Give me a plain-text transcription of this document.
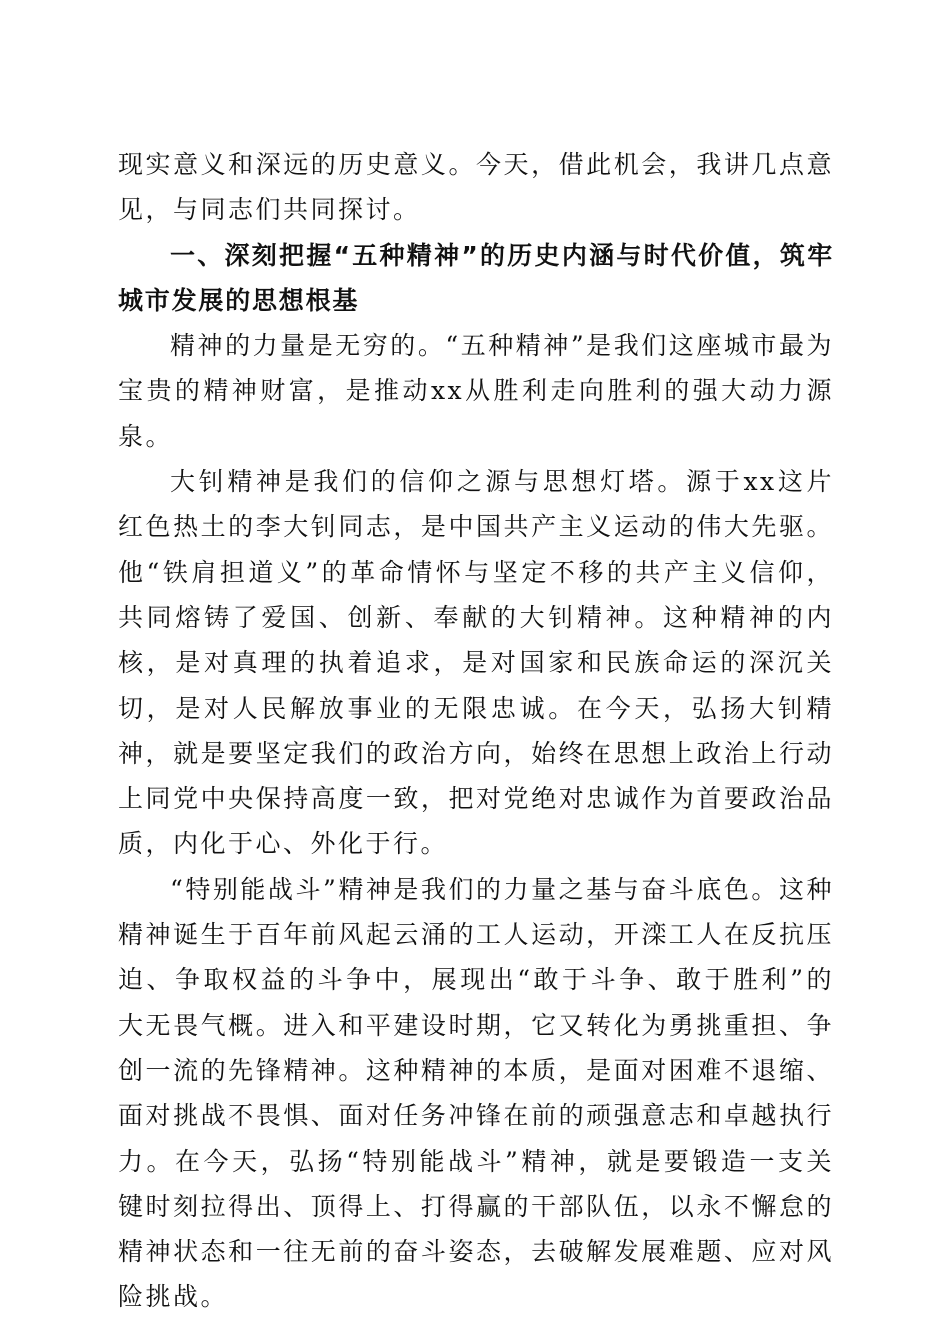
现实意义和深远的历史意义。今天，借此机会，我讲几点意见，与同志们共同探讨。

一、深刻把握“五种精神”的历史内涵与时代价值，筑牢城市发展的思想根基

精神的力量是无穷的。“五种精神”是我们这座城市最为宝贵的精神财富，是推动xx从胜利走向胜利的强大动力源泉。

大钊精神是我们的信仰之源与思想灯塔。源于xx这片红色热土的李大钊同志，是中国共产主义运动的伟大先驱。他“铁肩担道义”的革命情怀与坚定不移的共产主义信仰，共同熔铸了爱国、创新、奉献的大钊精神。这种精神的内核，是对真理的执着追求，是对国家和民族命运的深沉关切，是对人民解放事业的无限忠诚。在今天，弘扬大钊精神，就是要坚定我们的政治方向，始终在思想上政治上行动上同党中央保持高度一致，把对党绝对忠诚作为首要政治品质，内化于心、外化于行。

“特别能战斗”精神是我们的力量之基与奋斗底色。这种精神诞生于百年前风起云涌的工人运动，开滦工人在反抗压迫、争取权益的斗争中，展现出“敢于斗争、敢于胜利”的大无畏气概。进入和平建设时期，它又转化为勇挑重担、争创一流的先锋精神。这种精神的本质，是面对困难不退缩、面对挑战不畏惧、面对任务冲锋在前的顽强意志和卓越执行力。在今天，弘扬“特别能战斗”精神，就是要锻造一支关键时刻拉得出、顶得上、打得赢的干部队伍，以永不懈怠的精神状态和一往无前的奋斗姿态，去破解发展难题、应对风险挑战。
